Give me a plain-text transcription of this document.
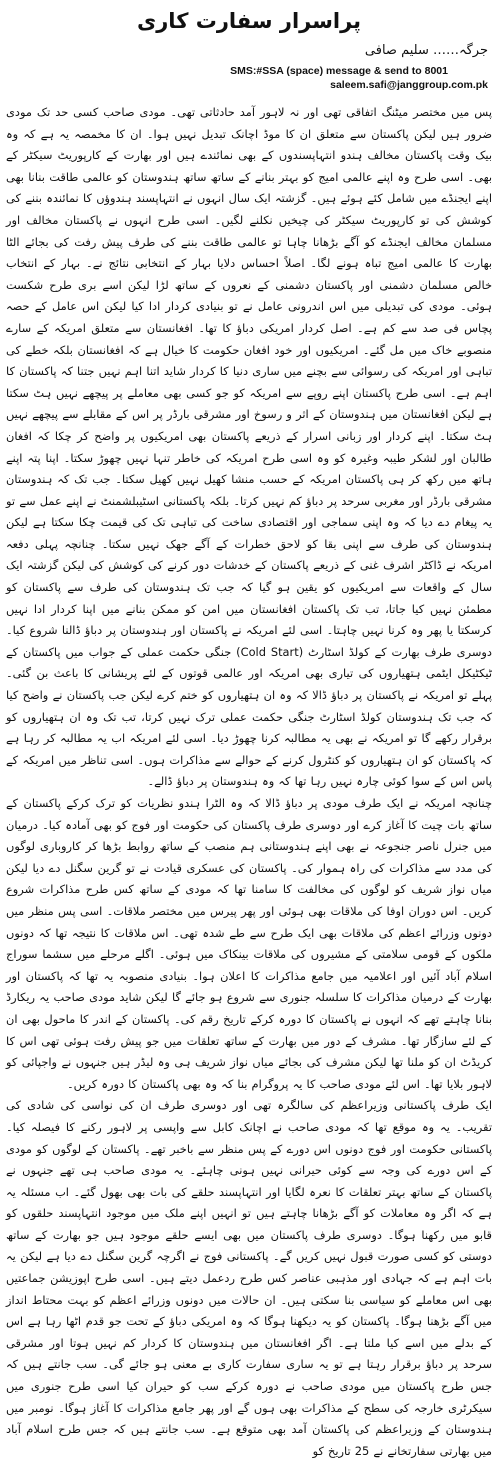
پراسرار سفارت کاری
جرگہ…… سلیم صافی
SMS:#SSA (space) message & send to 8001
saleem.safi@janggroup.com.pk

پس میں مختصر میٹنگ اتفاقی تھی اور نہ لاہور آمد حادثاتی تھی۔ مودی صاحب کسی حد تک مودی ضرور ہیں لیکن پاکستان سے متعلق ان کا موڈ اچانک تبدیل نہیں ہوا۔ ان کا مخمصہ یہ ہے کہ وہ بیک وقت پاکستان مخالف ہندو انتہاپسندوں کے بھی نمائندے ہیں اور بھارت کے کارپوریٹ سیکٹر کے بھی۔ اسی طرح وہ اپنے عالمی امیج کو بہتر بنانے کے ساتھ ساتھ ہندوستان کو عالمی طاقت بنانا بھی اپنے ایجنڈے میں شامل کئے ہوئے ہیں۔ گزشتہ ایک سال انہوں نے انتہاپسند ہندوؤں کا نمائندہ بننے کی کوشش کی تو کارپوریٹ سیکٹر کی چیخیں نکلنے لگیں۔ اسی طرح انہوں نے پاکستان مخالف اور مسلمان مخالف ایجنڈے کو آگے بڑھانا چاہا تو عالمی طاقت بننے کی طرف پیش رفت کی بجائے الٹا بھارت کا عالمی امیج تباہ ہونے لگا۔ اصلاً احساس دلایا بہار کے انتخابی نتائج نے۔ بہار کے انتخاب خالص مسلمان دشمنی اور پاکستان دشمنی کے نعروں کے ساتھ لڑا لیکن اسے بری طرح شکست ہوئی۔ مودی کی تبدیلی میں اس اندرونی عامل نے تو بنیادی کردار ادا کیا لیکن اس عامل کے حصہ پچاس فی صد سے کم ہے۔ اصل کردار امریکی دباؤ کا تھا۔ افغانستان سے متعلق امریکہ کے سارے منصوبے خاک میں مل گئے۔ امریکیوں اور خود افغان حکومت کا خیال ہے کہ افغانستان بلکہ خطے کی تباہی اور امریکہ کی رسوائی سے بچنے میں ساری دنیا کا کردار شاید اتنا اہم نہیں جتنا کہ پاکستان کا اہم ہے۔ اسی طرح پاکستان اپنے روپے سے امریکہ کو جو کسی بھی معاملے پر پیچھے نہیں ہٹ سکتا ہے لیکن افغانستان میں ہندوستان کے اثر و رسوخ اور مشرقی بارڈر پر اس کے مقابلے سے پیچھے نہیں ہٹ سکتا۔ اپنے کردار اور زبانی اسرار کے ذریعے پاکستان بھی امریکیوں پر واضح کر چکا کہ افغان طالبان اور لشکر طیبہ وغیرہ کو وہ اسی طرح امریکہ کی خاطر تنہا نہیں چھوڑ سکتا۔ اپنا پتہ اپنے ہاتھ میں رکھ کر ہی پاکستان امریکہ کے حسب منشا کھیل نہیں کھیل سکتا۔ جب تک کہ ہندوستان مشرقی بارڈر اور مغربی سرحد پر دباؤ کم نہیں کرتا۔ بلکہ پاکستانی اسٹیبلشمنٹ نے اپنے عمل سے تو یہ پیغام دے دیا کہ وہ اپنی سماجی اور اقتصادی ساخت کی تباہی تک کی قیمت چکا سکتا ہے لیکن ہندوستان کی طرف سے اپنی بقا کو لاحق خطرات کے آگے جھک نہیں سکتا۔ چنانچہ پہلی دفعہ امریکہ نے ڈاکٹر اشرف غنی کے ذریعے پاکستان کے خدشات دور کرنے کی کوشش کی لیکن گزشتہ ایک سال کے واقعات سے امریکیوں کو یقین ہو گیا کہ جب تک ہندوستان کی طرف سے پاکستان کو مطمئن نہیں کیا جاتا، تب تک پاکستان افغانستان میں امن کو ممکن بنانے میں اپنا کردار ادا نہیں کرسکتا یا پھر وہ کرنا نہیں چاہتا۔ اسی لئے امریکہ نے پاکستان اور ہندوستان پر دباؤ ڈالنا شروع کیا۔ دوسری طرف بھارت کے کولڈ اسٹارٹ (Cold Start) جنگی حکمت عملی کے جواب میں پاکستان کے ٹیکٹیکل ایٹمی ہتھیاروں کی تیاری بھی امریکہ اور عالمی قوتوں کے لئے پریشانی کا باعث بن گئی۔ پہلے تو امریکہ نے پاکستان پر دباؤ ڈالا کہ وہ ان ہتھیاروں کو ختم کرے لیکن جب پاکستان نے واضح کیا کہ جب تک ہندوستان کولڈ اسٹارٹ جنگی حکمت عملی ترک نہیں کرتا، تب تک وہ ان ہتھیاروں کو برقرار رکھے گا تو امریکہ نے بھی یہ مطالبہ کرنا چھوڑ دیا۔ اسی لئے امریکہ اب یہ مطالبہ کر رہا ہے کہ پاکستان کو ان ہتھیاروں کو کنٹرول کرنے کے حوالے سے مذاکرات ہوں۔ اسی تناظر میں امریکہ کے پاس اس کے سوا کوئی چارہ نہیں رہا تھا کہ وہ ہندوستان پر دباؤ ڈالے۔

چنانچہ امریکہ نے ایک طرف مودی پر دباؤ ڈالا کہ وہ الٹرا ہندو نظریات کو ترک کرکے پاکستان کے ساتھ بات چیت کا آغاز کرے اور دوسری طرف پاکستان کی حکومت اور فوج کو بھی آمادہ کیا۔ درمیان میں جنرل ناصر جنجوعہ نے بھی اپنے ہندوستانی ہم منصب کے ساتھ روابط بڑھا کر کاروباری لوگوں کی مدد سے مذاکرات کی راہ ہموار کی۔ پاکستان کی عسکری قیادت نے تو گرین سگنل دے دیا لیکن میاں نواز شریف کو لوگوں کی مخالفت کا سامنا تھا کہ مودی کے ساتھ کس طرح مذاکرات شروع کریں۔ اس دوران اوفا کی ملاقات بھی ہوئی اور پھر پیرس میں مختصر ملاقات۔ اسی پس منظر میں دونوں وزرائے اعظم کی ملاقات بھی ایک طرح سے طے شدہ تھی۔ اس ملاقات کا نتیجہ تھا کہ دونوں ملکوں کے قومی سلامتی کے مشیروں کی ملاقات بینکاک میں ہوئی۔ اگلے مرحلے میں سشما سوراج اسلام آباد آئیں اور اعلامیہ میں جامع مذاکرات کا اعلان ہوا۔ بنیادی منصوبہ یہ تھا کہ پاکستان اور بھارت کے درمیان مذاکرات کا سلسلہ جنوری سے شروع ہو جائے گا لیکن شاید مودی صاحب یہ ریکارڈ بنانا چاہتے تھے کہ انہوں نے پاکستان کا دورہ کرکے تاریخ رقم کی۔ پاکستان کے اندر کا ماحول بھی ان کے لئے سازگار تھا۔ مشرف کے دور میں بھارت کے ساتھ تعلقات میں جو پیش رفت ہوئی تھی اس کا کریڈٹ ان کو ملنا تھا لیکن مشرف کی بجائے میاں نواز شریف ہی وہ لیڈر ہیں جنہوں نے واجپائی کو لاہور بلایا تھا۔ اس لئے مودی صاحب کا یہ پروگرام بنا کہ وہ بھی پاکستان کا دورہ کریں۔

ایک طرف پاکستانی وزیراعظم کی سالگرہ تھی اور دوسری طرف ان کی نواسی کی شادی کی تقریب۔ یہ وہ موقع تھا کہ مودی صاحب نے اچانک کابل سے واپسی پر لاہور رکنے کا فیصلہ کیا۔ پاکستانی حکومت اور فوج دونوں اس دورے کے پس منظر سے باخبر تھے۔ پاکستان کے لوگوں کو مودی کے اس دورے کی وجہ سے کوئی حیرانی نہیں ہونی چاہئے۔ یہ مودی صاحب ہی تھے جنہوں نے پاکستان کے ساتھ بہتر تعلقات کا نعرہ لگایا اور انتہاپسند حلقے کی بات بھی بھول گئے۔ اب مسئلہ یہ ہے کہ اگر وہ معاملات کو آگے بڑھانا چاہتے ہیں تو انہیں اپنے ملک میں موجود انتہاپسند حلقوں کو قابو میں رکھنا ہوگا۔ دوسری طرف پاکستان میں بھی ایسے حلقے موجود ہیں جو بھارت کے ساتھ دوستی کو کسی صورت قبول نہیں کریں گے۔ پاکستانی فوج نے اگرچہ گرین سگنل دے دیا ہے لیکن یہ بات اہم ہے کہ جہادی اور مذہبی عناصر کس طرح ردعمل دیتے ہیں۔ اسی طرح اپوزیشن جماعتیں بھی اس معاملے کو سیاسی بنا سکتی ہیں۔ ان حالات میں دونوں وزرائے اعظم کو بہت محتاط انداز میں آگے بڑھنا ہوگا۔ پاکستان کو یہ دیکھنا ہوگا کہ وہ امریکی دباؤ کے تحت جو قدم اٹھا رہا ہے اس کے بدلے میں اسے کیا ملتا ہے۔ اگر افغانستان میں ہندوستان کا کردار کم نہیں ہوتا اور مشرقی سرحد پر دباؤ برقرار رہتا ہے تو یہ ساری سفارت کاری بے معنی ہو جائے گی۔ سب جانتے ہیں کہ جس طرح پاکستان میں مودی صاحب نے دورہ کرکے سب کو حیران کیا اسی طرح جنوری میں سیکرٹری خارجہ کی سطح کے مذاکرات بھی ہوں گے اور پھر جامع مذاکرات کا آغاز ہوگا۔ نومبر میں ہندوستان کے وزیراعظم کی پاکستان آمد بھی متوقع ہے۔ سب جانتے ہیں کہ جس طرح اسلام آباد میں بھارتی سفارتخانے نے 25 تاریخ کو
